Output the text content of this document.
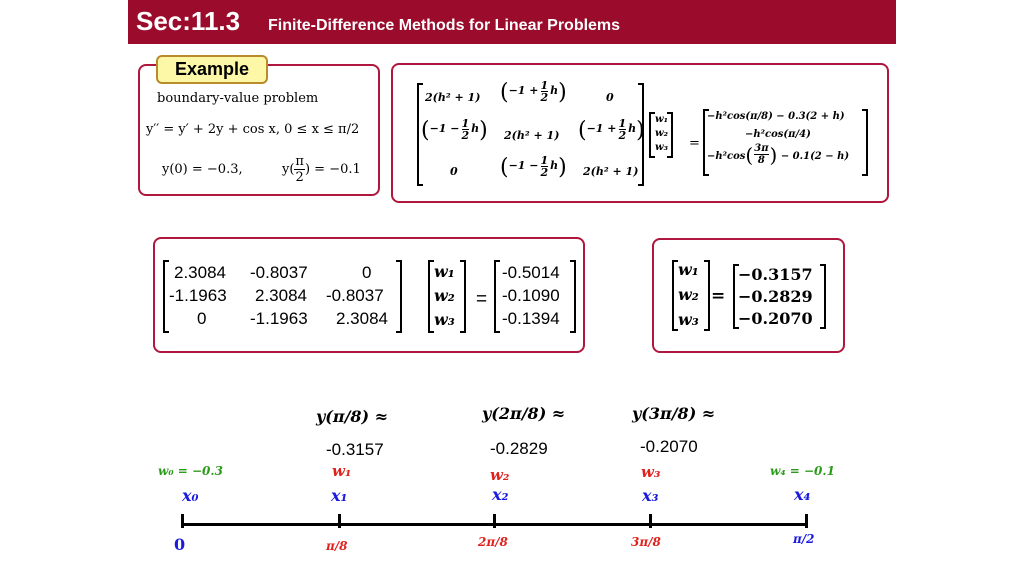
Sec:11.3 Finite-Difference Methods for Linear Problems
Example
boundary-value problem
y′′ = y′ + 2y + cos x, 0 ≤ x ≤ π/2
y(0) = −0.3,	$y( \frac{\pi}{2}$ ) = −0.1
2(h² + 1) $(-1 + \frac{1}{2} h)$	0
$(-1 - \frac{1}{2} h)$ 2(h² + 1) $(-1 + \frac{1}{2} h)$
0 $(-1 - \frac{1}{2} h)$ 2(h² + 1)
w₁
w₂
w₃ =
−h²cos(π/8) − 0.3(2 + h)
−h²cos(π/4)
$-h^2\cos( \frac{3\pi}{8}$ ) − 0.1(2 − h)
2.3084 -0.8037	0
-1.1963 2.3084 -0.8037
0	-1.1963 2.3084
w₁
w₂
w₃
=
-0.5014
-0.1090
-0.1394
w₁
w₂
w₃
=
−0.3157
−0.2829
−0.2070
y(π/8) ≈	y(2π/8) ≈	y(3π/8) ≈
-0.3157	-0.2829	-0.2070
w₀ = −0.3	w₁	w₂	w₃	w₄ = −0.1
x₀	x₁	x₂	x₃	x₄
0	π/8	2π/8	3π/8	π/2
